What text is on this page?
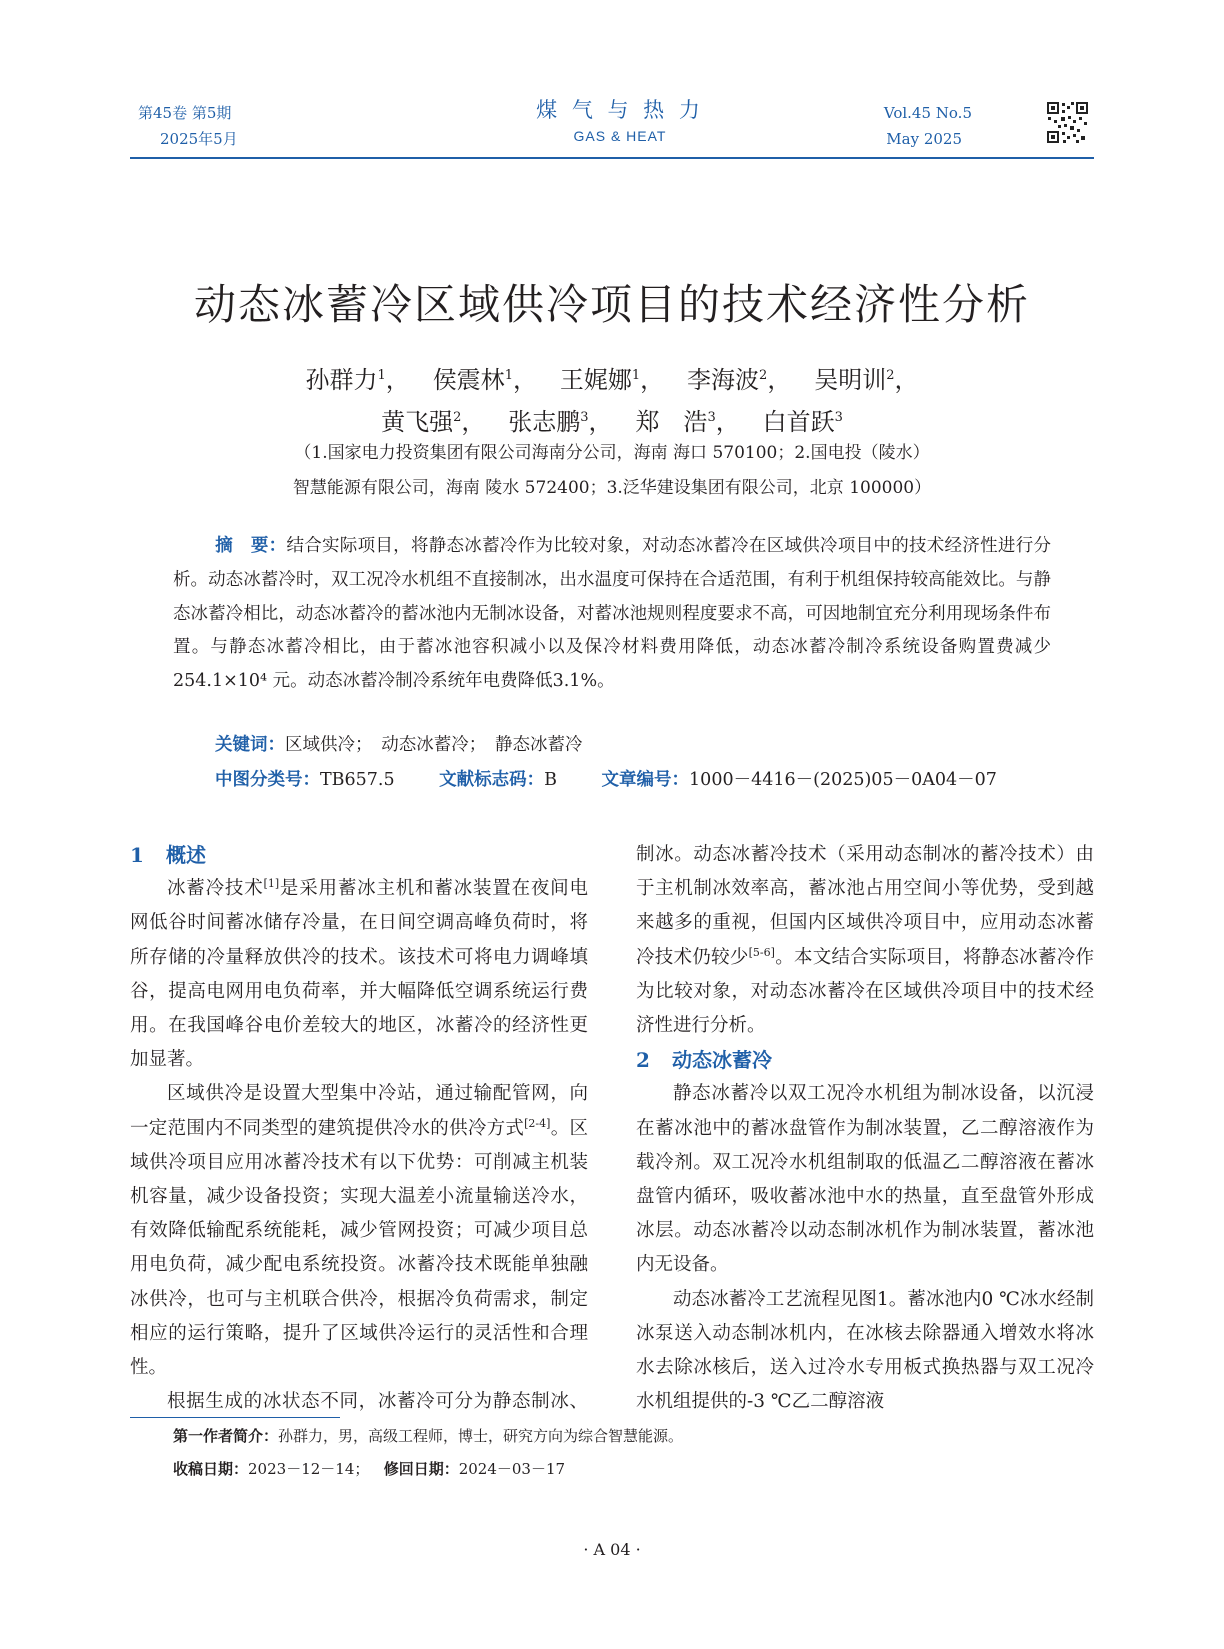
第45卷 第5期
2025年5月
煤 气 与 热 力
GAS & HEAT
Vol.45 No.5
May 2025
动态冰蓄冷区域供冷项目的技术经济性分析
孙群力$^1$，   侯震林$^1$，   王娓娜$^1$，   李海波$^2$，   吴明训$^2$，
黄飞强$^2$，   张志鹏$^3$，   郑　浩$^3$，   白首跃$^3$
（1.国家电力投资集团有限公司海南分公司，海南 海口 570100；2.国电投（陵水）
智慧能源有限公司，海南 陵水 572400；3.泛华建设集团有限公司，北京 100000）
摘　要：结合实际项目，将静态冰蓄冷作为比较对象，对动态冰蓄冷在区域供冷项目中的技术经济性进行分析。动态冰蓄冷时，双工况冷水机组不直接制冰，出水温度可保持在合适范围，有利于机组保持较高能效比。与静态冰蓄冷相比，动态冰蓄冷的蓄冰池内无制冰设备，对蓄冰池规则程度要求不高，可因地制宜充分利用现场条件布置。与静态冰蓄冷相比，由于蓄冰池容积减小以及保冷材料费用降低，动态冰蓄冷制冷系统设备购置费减少254.1×10⁴ 元。动态冰蓄冷制冷系统年电费降低3.1%。
关键词：区域供冷；　动态冰蓄冷；　静态冰蓄冷
中图分类号：TB657.5	文献标志码：B	文章编号：1000－4416－(2025)05－0A04－07

1 概述

冰蓄冷技术[1]是采用蓄冰主机和蓄冰装置在夜间电网低谷时间蓄冰储存冷量，在日间空调高峰负荷时，将所存储的冷量释放供冷的技术。该技术可将电力调峰填谷，提高电网用电负荷率，并大幅降低空调系统运行费用。在我国峰谷电价差较大的地区，冰蓄冷的经济性更加显著。

区域供冷是设置大型集中冷站，通过输配管网，向一定范围内不同类型的建筑提供冷水的供冷方式[2-4]。区域供冷项目应用冰蓄冷技术有以下优势：可削减主机装机容量，减少设备投资；实现大温差小流量输送冷水，有效降低输配系统能耗，减少管网投资；可减少项目总用电负荷，减少配电系统投资。冰蓄冷技术既能单独融冰供冷，也可与主机联合供冷，根据冷负荷需求，制定相应的运行策略，提升了区域供冷运行的灵活性和合理性。

根据生成的冰状态不同，冰蓄冷可分为静态制冰、

制冰。动态冰蓄冷技术（采用动态制冰的蓄冷技术）由于主机制冰效率高，蓄冰池占用空间小等优势，受到越来越多的重视，但国内区域供冷项目中，应用动态冰蓄冷技术仍较少[5-6]。本文结合实际项目，将静态冰蓄冷作为比较对象，对动态冰蓄冷在区域供冷项目中的技术经济性进行分析。

2 动态冰蓄冷

静态冰蓄冷以双工况冷水机组为制冰设备，以沉浸在蓄冰池中的蓄冰盘管作为制冰装置，乙二醇溶液作为载冷剂。双工况冷水机组制取的低温乙二醇溶液在蓄冰盘管内循环，吸收蓄冰池中水的热量，直至盘管外形成冰层。动态冰蓄冷以动态制冰机作为制冰装置，蓄冰池内无设备。

动态冰蓄冷工艺流程见图1。蓄冰池内0 ℃冰水经制冰泵送入动态制冰机内，在冰核去除器通入增效水将冰水去除冰核后，送入过冷水专用板式换热器与双工况冷水机组提供的-3 ℃乙二醇溶液

第一作者简介：孙群力，男，高级工程师，博士，研究方向为综合智慧能源。
收稿日期：2023－12－14； 修回日期：2024－03－17
· A 04 ·
